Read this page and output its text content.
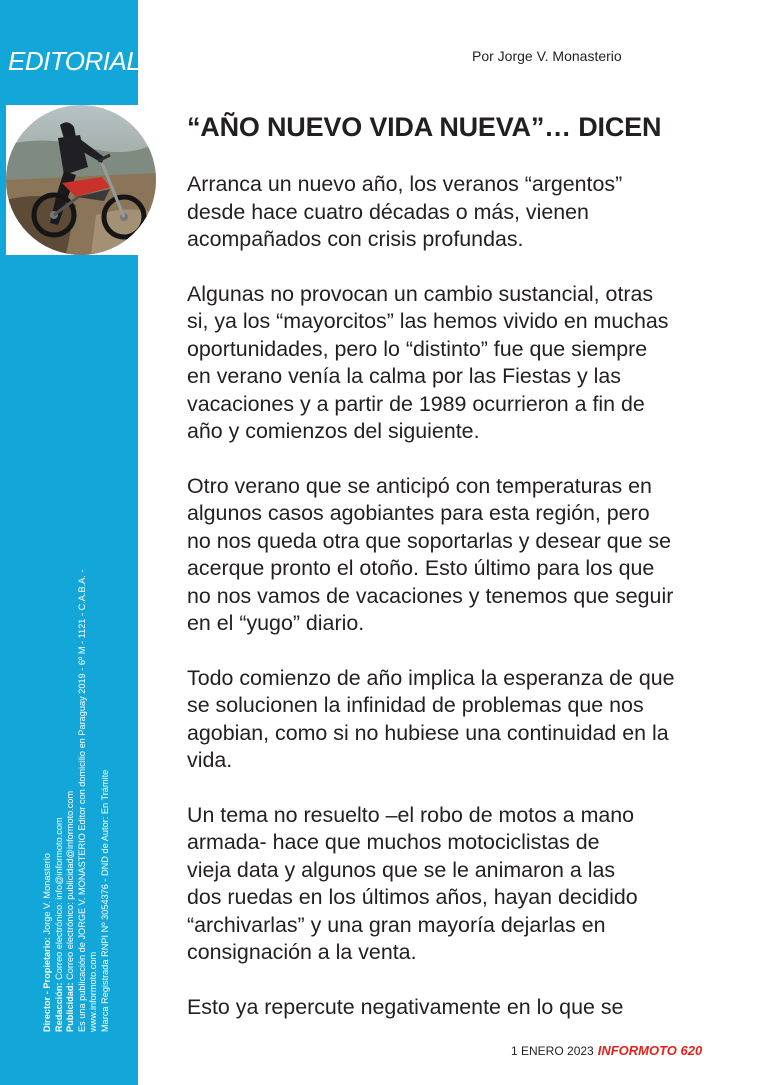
EDITORIAL
Director - Propietario: Jorge V. Monasterio
Redacción: Correo electrónico: info@informoto.com
Publicidad: Correo electrónico: publicidad@informoto.com Es una publicación de JORGE V. MONASTERIO Editor con domicilio en Paraguay 2019 - 6º M - 1121 - C.A.B.A. - www.informoto.com Marca Registrada RNPI Nº 3054376 - DND de Autor: En Trámite
Por Jorge V. Monasterio
“AÑO NUEVO VIDA NUEVA”… DICEN
Arranca un nuevo año, los veranos “argentos”
desde hace cuatro décadas o más, vienen
acompañados con crisis profundas.
Algunas no provocan un cambio sustancial, otras
si, ya los “mayorcitos” las hemos vivido en muchas
oportunidades, pero lo “distinto” fue que siempre
en verano venía la calma por las Fiestas y las
vacaciones y a partir de 1989 ocurrieron a fin de
año y comienzos del siguiente.
Otro verano que se anticipó con temperaturas en
algunos casos agobiantes para esta región, pero
no nos queda otra que soportarlas y desear que se
acerque pronto el otoño. Esto último para los que
no nos vamos de vacaciones y tenemos que seguir
en el “yugo” diario.
Todo comienzo de año implica la esperanza de que
se solucionen la infinidad de problemas que nos
agobian, como si no hubiese una continuidad en la
vida.
Un tema no resuelto –el robo de motos a mano
armada- hace que muchos motociclistas de
vieja data y algunos que se le animaron a las
dos ruedas en los últimos años, hayan decidido
“archivarlas” y una gran mayoría dejarlas en
consignación a la venta.
Esto ya repercute negativamente en lo que se
1 ENERO 2023 INFORMOTO 620
